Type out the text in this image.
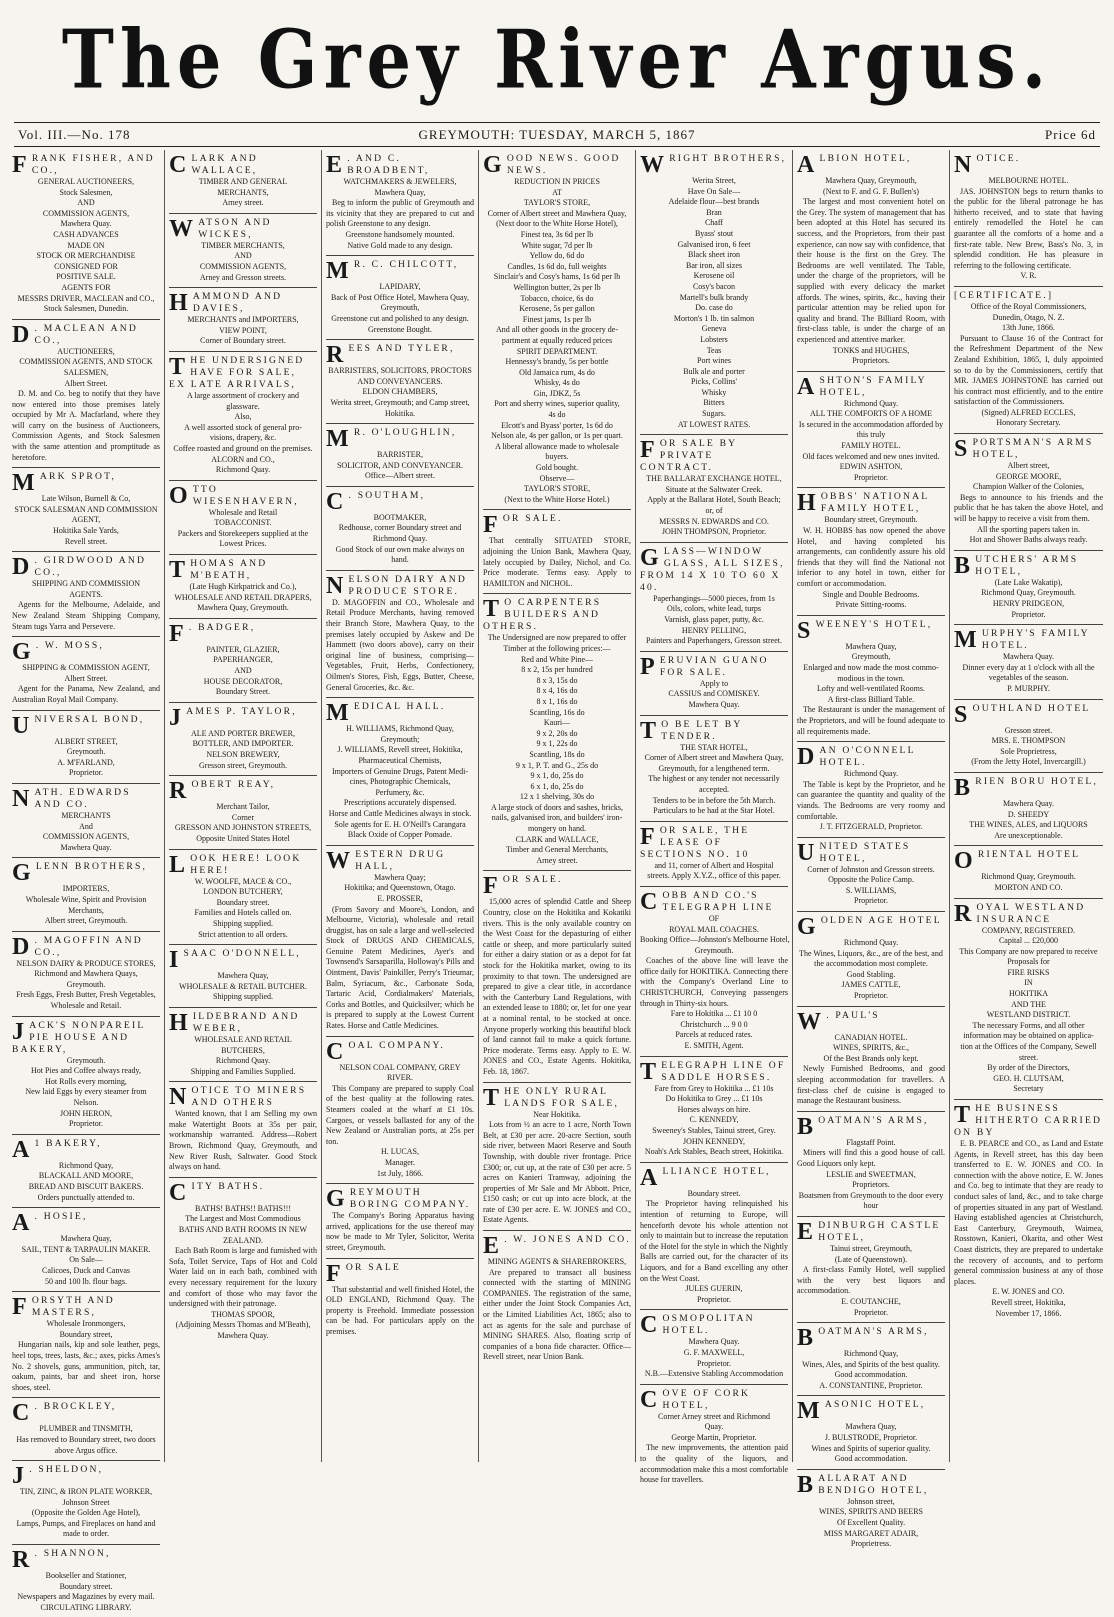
The Grey River Argus.
Vol. III.—No. 178	GREYMOUTH: TUESDAY, MARCH 5, 1867	Price 6d
FRANK FISHER, AND CO.,
GENERAL AUCTIONEERS,
Stock Salesmen,
AND
COMMISSION AGENTS,
Mawhera Quay.
CASH ADVANCES
MADE ON
STOCK OR MERCHANDISE
CONSIGNED FOR
POSITIVE SALE.
AGENTS FOR
MESSRS DRIVER, MACLEAN and CO.,
Stock Salesmen, Dunedin.
D . MACLEAN AND CO.,
AUCTIONEERS,
COMMISSION AGENTS, AND STOCK
SALESMEN,
Albert Street.
D. M. and Co. beg to notify that they have now entered into those premises lately occupied by Mr A. Macfarland, where they will carry on the business of Auctioneers, Commission Agents, and Stock Salesmen with the same attention and promptitude as heretofore.
MARK SPROT,
Late Wilson, Burnell & Co,
STOCK SALESMAN AND COMMISSION
AGENT,
Hokitika Sale Yards,
Revell street.
D . GIRDWOOD AND CO.,
SHIPPING AND COMMISSION
AGENTS.
Agents for the Melbourne, Adelaide, and New Zealand Steam Shipping Company, Steam tugs Yarra and Persevere.
G . W. MOSS,
SHIPPING & COMMISSION AGENT,
Albert Street.
Agent for the Panama, New Zealand, and Australian Royal Mail Company.
UNIVERSAL BOND,
ALBERT STREET,
Greymouth.
A. M'FARLAND,
Proprietor.
NATH. EDWARDS AND CO.
MERCHANTS
And
COMMISSION AGENTS,
Mawhera Quay.
GLENN BROTHERS,
IMPORTERS,
Wholesale Wine, Spirit and Provision
Merchants,
Albert street, Greymouth.
D . MAGOFFIN AND CO.,
NELSON DAIRY & PRODUCE STORES,
Richmond and Mawhera Quays,
Greymouth.
Fresh Eggs, Fresh Butter, Fresh Vegetables,
Wholesale and Retail.
JACK'S NONPAREIL PIE HOUSE AND BAKERY,
Greymouth.
Hot Pies and Coffee always ready,
Hot Rolls every morning,
New laid Eggs by every steamer from
Nelson.
JOHN HERON,
Proprietor.
A 1 BAKERY,
Richmond Quay,
BLACKALL AND MOORE,
BREAD AND BISCUIT BAKERS.
Orders punctually attended to.
A . HOSIE,
Mawhera Quay,
SAIL, TENT & TARPAULIN MAKER.
On Sale—
Calicoes, Duck and Canvas
50 and 100 lb. flour bags.
FORSYTH AND MASTERS,
Wholesale Ironmongers,
Boundary street,
Hungarian nails, kip and sole leather, pegs, heel tops, trees, lasts, &c.; axes, picks Ames's No. 2 shovels, guns, ammunition, pitch, tar, oakum, paints, bar and sheet iron, horse shoes, steel.
C . BROCKLEY,
PLUMBER and TINSMITH,
Has removed to Boundary street, two doors
above Argus office.
J . SHELDON,
TIN, ZINC, & IRON PLATE WORKER,
Johnson Street
(Opposite the Golden Age Hotel),
Lamps, Pumps, and Fireplaces on hand and
made to order.
R . SHANNON,
Bookseller and Stationer,
Boundary street.
Newspapers and Magazines by every mail.
CIRCULATING LIBRARY.
CLARK AND WALLACE,
TIMBER AND GENERAL
MERCHANTS,
Arney street.
WATSON AND WICKES,
TIMBER MERCHANTS,
AND
COMMISSION AGENTS,
Arney and Gresson streets.
HAMMOND AND DAVIES,
MERCHANTS and IMPORTERS,
VIEW POINT,
Corner of Boundary street.
THE UNDERSIGNED HAVE FOR SALE, EX LATE ARRIVALS,
A large assortment of crockery and
glassware.
Also,
A well assorted stock of general pro-
visions, drapery, &c.
Coffee roasted and ground on the premises.
ALCORN and CO.,
Richmond Quay.
OTTO WIESENHAVERN,
Wholesale and Retail
TOBACCONIST.
Packers and Storekeepers supplied at the
Lowest Prices.
THOMAS AND M'BEATH,
(Late Hugh Kirkpatrick and Co.),
WHOLESALE AND RETAIL DRAPERS,
Mawhera Quay, Greymouth.
F . BADGER,
PAINTER, GLAZIER,
PAPERHANGER,
AND
HOUSE DECORATOR,
Boundary Street.
JAMES P. TAYLOR,
ALE AND PORTER BREWER,
BOTTLER, AND IMPORTER.
NELSON BREWERY,
Gresson street, Greymouth.
ROBERT REAY,
Merchant Tailor,
Corner
GRESSON AND JOHNSTON STREETS,
Opposite United States Hotel
LOOK HERE! LOOK HERE!
W. WOOLFE, MACE & CO.,
LONDON BUTCHERY,
Boundary street.
Families and Hotels called on.
Shipping supplied.
Strict attention to all orders.
ISAAC O'DONNELL,
Mawhera Quay,
WHOLESALE & RETAIL BUTCHER.
Shipping supplied.
HILDEBRAND AND WEBER,
WHOLESALE AND RETAIL
BUTCHERS,
Richmond Quay.
Shipping and Families Supplied.
NOTICE TO MINERS AND OTHERS
Wanted known, that I am Selling my own make Watertight Boots at 35s per pair, workmanship warranted. Address—Robert Brown, Richmond Quay, Greymouth, and New River Rush, Saltwater. Good Stock always on hand.
CITY BATHS.
BATHS! BATHS!! BATHS!!!
The Largest and Most Commodious
BATHS AND BATH ROOMS IN NEW
ZEALAND.
Each Bath Room is large and furnished with Sofa, Toilet Service, Taps of Hot and Cold Water laid on in each bath, combined with every necessary requirement for the luxury and comfort of those who may favor the undersigned with their patronage.
THOMAS SPOOR,
(Adjoining Messrs Thomas and M'Beath),
Mawhera Quay.
E . AND C. BROADBENT,
WATCHMAKERS & JEWELERS,
Mawhera Quay,
Beg to inform the public of Greymouth and its vicinity that they are prepared to cut and polish Greenstone to any design.
Greenstone handsomely mounted.
Native Gold made to any design.
M R. C. CHILCOTT,
LAPIDARY,
Back of Post Office Hotel, Mawhera Quay,
Greymouth,
Greenstone cut and polished to any design.
Greenstone Bought.
REES AND TYLER,
BARRISTERS, SOLICITORS, PROCTORS
AND CONVEYANCERS.
ELDON CHAMBERS,
Werita street, Greymouth; and Camp street,
Hokitika.
M R. O'LOUGHLIN,
BARRISTER,
SOLICITOR, AND CONVEYANCER.
Office—Albert street.
C . SOUTHAM,
BOOTMAKER,
Redhouse, corner Boundary street and
Richmond Quay.
Good Stock of our own make always on
hand.
NELSON DAIRY AND PRODUCE STORE.
D. MAGOFFIN and CO., Wholesale and Retail Produce Merchants, having removed their Branch Store, Mawhera Quay, to the premises lately occupied by Askew and De Hammett (two doors above), carry on their original line of business, comprising—Vegetables, Fruit, Herbs, Confectionery, Oilmen's Stores, Fish, Eggs, Butter, Cheese, General Groceries, &c. &c.
MEDICAL HALL.
H. WILLIAMS, Richmond Quay,
Greymouth;
J. WILLIAMS, Revell street, Hokitika,
Pharmaceutical Chemists,
Importers of Genuine Drugs, Patent Medi-
cines, Photographic Chemicals,
Perfumery, &c.
Prescriptions accurately dispensed.
Horse and Cattle Medicines always in stock.
Sole agents for E. H. O'Neill's Carangara
Black Oxide of Copper Pomade.
WESTERN DRUG HALL,
Mawhera Quay;
Hokitika; and Queenstown, Otago.
E. PROSSER,
(From Savory and Moore's, London, and Melbourne, Victoria), wholesale and retail druggist, has on sale a large and well-selected Stock of DRUGS AND CHEMICALS, Genuine Patent Medicines, Ayer's and Townsend's Sarsaparilla, Holloway's Pills and Ointment, Davis' Painkiller, Perry's Trieumar, Balm, Syriacum, &c., Carbonate Soda, Tartaric Acid, Cordialmakers' Materials, Corks and Bottles, and Quicksilver; which he is prepared to supply at the Lowest Current Rates. Horse and Cattle Medicines.
COAL COMPANY.
NELSON COAL COMPANY, GREY
RIVER.
This Company are prepared to supply Coal of the best quality at the following rates. Steamers coaled at the wharf at £1 10s. Cargoes, or vessels ballasted for any of the New Zealand or Australian ports, at 25s per ton.
H. LUCAS,
Manager.
1st July, 1866.
GREYMOUTH BORING COMPANY.
The Company's Boring Apparatus having arrived, applications for the use thereof may now be made to Mr Tyler, Solicitor, Werita street, Greymouth.
FOR SALE
That substantial and well finished Hotel, the OLD ENGLAND, Richmond Quay. The property is Freehold. Immediate possession can be had. For particulars apply on the premises.
GOOD NEWS. GOOD NEWS.
REDUCTION IN PRICES
AT
TAYLOR'S STORE,
Corner of Albert street and Mawhera Quay,
(Next door to the White Horse Hotel),
Finest tea, 3s 6d per lb
White sugar, 7d per lb
Yellow do, 6d do
Candles, 1s 6d do, full weights
Sinclair's and Cosy's hams, 1s 6d per lb
Wellington butter, 2s per lb
Tobacco, choice, 6s do
Kerosene, 5s per gallon
Finest jams, 1s per lb
And all other goods in the grocery de-
partment at equally reduced prices
SPIRIT DEPARTMENT.
Hennessy's brandy, 5s per bottle
Old Jamaica rum, 4s do
Whisky, 4s do
Gin, JDKZ, 5s
Port and sherry wines, superior quality,
4s do
Elcott's and Byass' porter, 1s 6d do
Nelson ale, 4s per gallon, or 1s per quart.
A liberal allowance made to wholesale
buyers.
Gold bought.
Observe—
TAYLOR'S STORE,
(Next to the White Horse Hotel.)
FOR SALE.
That centrally SITUATED STORE, adjoining the Union Bank, Mawhera Quay, lately occupied by Dailey, Nichol, and Co. Price moderate. Terms easy. Apply to HAMILTON and NICHOL.
T O CARPENTERS BUILDERS AND OTHERS.
The Undersigned are now prepared to offer
Timber at the following prices:—
Red and White Pine—
8 x 2, 15s per hundred
8 x 3, 15s do
8 x 4, 16s do
8 x 1, 16s do
Scantling, 16s do
Kauri—
9 x 2, 20s do
9 x 1, 22s do
Scantling, 18s do
9 x 1, P. T. and G., 25s do
9 x 1, do, 25s do
6 x 1, do, 25s do
12 x 1 shelving, 30s do
A large stock of doors and sashes, bricks,
nails, galvanised iron, and builders' iron-
mongery on hand.
CLARK and WALLACE,
Timber and General Merchants,
Arney street.
FOR SALE.
15,000 acres of splendid Cattle and Sheep Country, close on the Hokitika and Kokatiki rivers. This is the only available country on the West Coast for the depasturing of either cattle or sheep, and more particularly suited for either a dairy station or as a depot for fat stock for the Hokitika market, owing to its proximity to that town. The undersigned are prepared to give a clear title, in accordance with the Canterbury Land Regulations, with an extended lease to 1880; or, let for one year at a nominal rental, to be stocked at once. Anyone properly working this beautiful block of land cannot fail to make a quick fortune. Price moderate. Terms easy. Apply to E. W. JONES and CO., Estate Agents. Hokitika, Feb. 18, 1867.
THE ONLY RURAL LANDS FOR SALE,
Near Hokitika.
Lots from ½ an acre to 1 acre, North Town Belt, at £30 per acre. 20-acre Section, south side river, between Maori Reserve and South Township, with double river frontage. Price £300; or, cut up, at the rate of £30 per acre. 5 acres on Kanieri Tramway, adjoining the properties of Mr Sale and Mr Abbott. Price, £150 cash; or cut up into acre block, at the rate of £30 per acre. E. W. JONES and CO., Estate Agents.
E . W. JONES AND CO.
MINING AGENTS & SHAREBROKERS,
Are prepared to transact all business connected with the starting of MINING COMPANIES. The registration of the same, either under the Joint Stock Companies Act, or the Limited Liabilities Act, 1865; also to act as agents for the sale and purchase of MINING SHARES. Also, floating scrip of companies of a bona fide character. Office—Revell street, near Union Bank.
WRIGHT BROTHERS,
Werita Street,
Have On Sale—
Adelaide flour—best brands
Bran
Chaff
Byass' stout
Galvanised iron, 6 feet
Black sheet iron
Bar iron, all sizes
Kerosene oil
Cosy's bacon
Martell's bulk brandy
Do. case do
Morton's 1 lb. tin salmon
Geneva
Lobsters
Teas
Port wines
Bulk ale and porter
Picks, Collins'
Whisky
Bitters
Sugars.
AT LOWEST RATES.
FOR SALE BY PRIVATE CONTRACT.
THE BALLARAT EXCHANGE HOTEL,
Situate at the Saltwater Creek.
Apply at the Ballarat Hotel, South Beach;
or, of
MESSRS N. EDWARDS and CO.
JOHN THOMPSON, Proprietor.
GLASS—WINDOW GLASS, ALL SIZES, FROM 14 X 10 TO 60 X 40.
Paperhangings—5000 pieces, from 1s
Oils, colors, white lead, turps
Varnish, glass paper, putty, &c.
HENRY PELLING,
Painters and Paperhangers, Gresson street.
PERUVIAN GUANO FOR SALE.
Apply to
CASSIUS and COMISKEY.
Mawhera Quay.
T O BE LET BY TENDER.
THE STAR HOTEL,
Corner of Albert street and Mawhera Quay,
Greymouth, for a lengthened term.
The highest or any tender not necessarily
accepted.
Tenders to be in before the 5th March.
Particulars to be had at the Star Hotel.
FOR SALE, THE LEASE OF SECTIONS NO. 10
and 11, corner of Albert and Hospital
streets. Apply X.Y.Z., office of this paper.
COBB AND CO.'S TELEGRAPH LINE
OF
ROYAL MAIL COACHES.
Booking Office—Johnston's Melbourne Hotel,
Greymouth.
Coaches of the above line will leave the office daily for HOKITIKA. Connecting there with the Company's Overland Line to CHRISTCHURCH, Conveying passengers through in Thirty-six hours.
Fare to Hokitika ... £1 10 0
Christchurch ... 9 0 0
Parcels at reduced rates.
E. SMITH, Agent.
TELEGRAPH LINE OF SADDLE HORSES.
Fare from Grey to Hokitika ... £1 10s
Do Hokitika to Grey ... £1 10s
Horses always on hire.
C. KENNEDY,
Sweeney's Stables, Tainui street, Grey.
JOHN KENNEDY,
Noah's Ark Stables, Beach street, Hokitika.
ALLIANCE HOTEL,
Boundary street.
The Proprietor having relinquished his intention of returning to Europe, will henceforth devote his whole attention not only to maintain but to increase the reputation of the Hotel for the style in which the Nightly Balls are carried out, for the character of its Liquors, and for a Band excelling any other on the West Coast.
JULES GUERIN,
Proprietor.
COSMOPOLITAN HOTEL.
Mawhera Quay.
G. F. MAXWELL,
Proprietor.
N.B.—Extensive Stabling Accommodation
COVE OF CORK HOTEL,
Corner Arney street and Richmond
Quay.
George Martin, Proprietor.
The new improvements, the attention paid to the quality of the liquors, and accommodation make this a most comfortable house for travellers.
ALBION HOTEL,
Mawhera Quay, Greymouth,
(Next to F. and G. F. Bullen's)
The largest and most convenient hotel on the Grey. The system of management that has been adopted at this Hotel has secured its success, and the Proprietors, from their past experience, can now say with confidence, that their house is the first on the Grey. The Bedrooms are well ventilated. The Table, under the charge of the proprietors, will be supplied with every delicacy the market affords. The wines, spirits, &c., having their particular attention may be relied upon for quality and brand. The Billiard Room, with first-class table, is under the charge of an experienced and attentive marker.
TONKS and HUGHES,
Proprietors.
ASHTON'S FAMILY HOTEL,
Richmond Quay.
ALL THE COMFORTS OF A HOME
Is secured in the accommodation afforded by
this truly
FAMILY HOTEL.
Old faces welcomed and new ones invited.
EDWIN ASHTON,
Proprietor.
HOBBS' NATIONAL FAMILY HOTEL,
Boundary street, Greymouth.
W. H. HOBBS has now opened the above Hotel, and having completed his arrangements, can confidently assure his old friends that they will find the National not inferior to any hotel in town, either for comfort or accommodation.
Single and Double Bedrooms.
Private Sitting-rooms.
SWEENEY'S HOTEL,
Mawhera Quay,
Greymouth,
Enlarged and now made the most commo-
modious in the town.
Lofty and well-ventilated Rooms.
A first-class Billiard Table.
The Restaurant is under the management of the Proprietors, and will be found adequate to all requirements made.
DAN O'CONNELL HOTEL.
Richmond Quay.
The Table is kept by the Proprietor, and he can guarantee the quantity and quality of the viands. The Bedrooms are very roomy and comfortable.
J. T. FITZGERALD, Proprietor.
UNITED STATES HOTEL,
Corner of Johnston and Gresson streets.
Opposite the Police Camp.
S. WILLIAMS,
Proprietor.
GOLDEN AGE HOTEL
Richmond Quay.
The Wines, Liquors, &c., are of the best, and
the accommodation most complete.
Good Stabling.
JAMES CATTLE,
Proprietor.
W . PAUL'S
CANADIAN HOTEL.
WINES, SPIRITS, &c.,
Of the Best Brands only kept.
Newly Furnished Bedrooms, and good sleeping accommodation for travellers. A first-class chef de cuisine is engaged to manage the Restaurant business.
BOATMAN'S ARMS,
Flagstaff Point.
Miners will find this a good house of call. Good Liquors only kept.
LESLIE and SWEETMAN,
Proprietors.
Boatsmen from Greymouth to the door every
hour
EDINBURGH CASTLE HOTEL,
Tainui street, Greymouth,
(Late of Queenstown).
A first-class Family Hotel, well supplied with the very best liquors and accommodation.
E. COUTANCHE,
Proprietor.
BOATMAN'S ARMS,
Richmond Quay,
Wines, Ales, and Spirits of the best quality.
Good accommodation.
A. CONSTANTINE, Proprietor.
MASONIC HOTEL,
Mawhera Quay,
J. BULSTRODE, Proprietor.
Wines and Spirits of superior quality.
Good accommodation.
BALLARAT AND BENDIGO HOTEL,
Johnson street,
WINES, SPIRITS AND BEERS
Of Excellent Quality.
MISS MARGARET ADAIR,
Proprietress.
NOTICE.
MELBOURNE HOTEL.
JAS. JOHNSTON begs to return thanks to the public for the liberal patronage he has hitherto received, and to state that having entirely remodelled the Hotel he can guarantee all the comforts of a home and a first-rate table. New Brew, Bass's No. 3, in splendid condition. He has pleasure in referring to the following certificate.
V. R.
[CERTIFICATE.]
Office of the Royal Commissioners,
Dunedin, Otago, N. Z.
13th June, 1866.
Pursuant to Clause 16 of the Contract for the Refreshment Department of the New Zealand Exhibition, 1865, I, duly appointed so to do by the Commissioners, certify that MR. JAMES JOHNSTONE has carried out his contract most efficiently, and to the entire satisfaction of the Commissioners.
(Signed) ALFRED ECCLES,
Honorary Secretary.
SPORTSMAN'S ARMS HOTEL,
Albert street,
GEORGE MOORE,
Champion Walker of the Colonies,
Begs to announce to his friends and the public that he has taken the above Hotel, and will be happy to receive a visit from them.
All the sporting papers taken in.
Hot and Shower Baths always ready.
BUTCHERS' ARMS HOTEL,
(Late Lake Wakatip),
Richmond Quay, Greymouth.
HENRY PRIDGEON,
Proprietor.
MURPHY'S FAMILY HOTEL.
Mawhera Quay.
Dinner every day at 1 o'clock with all the
vegetables of the season.
P. MURPHY.
SOUTHLAND HOTEL
Gresson street.
MRS. E. THOMPSON
Sole Proprietress,
(From the Jetty Hotel, Invercargill.)
BRIEN BORU HOTEL,
Mawhera Quay.
D. SHEEDY
THE WINES, ALES, and LIQUORS
Are unexceptionable.
ORIENTAL HOTEL
Richmond Quay, Greymouth.
MORTON AND CO.
ROYAL WESTLAND INSURANCE
COMPANY, REGISTERED.
Capital ... £20,000
This Company are now prepared to receive
Proposals for
FIRE RISKS
IN
HOKITIKA
AND THE
WESTLAND DISTRICT.
The necessary Forms, and all other
information may be obtained on applica-
tion at the Offices of the Company, Sewell
street.
By order of the Directors,
GEO. H. CLUTSAM,
Secretary
THE BUSINESS HITHERTO CARRIED ON BY
E. B. PEARCE and CO., as Land and Estate Agents, in Revell street, has this day been transferred to E. W. JONES and CO. In connection with the above notice, E. W. Jones and Co. beg to intimate that they are ready to conduct sales of land, &c., and to take charge of properties situated in any part of Westland. Having established agencies at Christchurch, East Canterbury, Greymouth, Waimea, Rosstown, Kanieri, Okarita, and other West Coast districts, they are prepared to undertake the recovery of accounts, and to perform general commission business at any of those places.
E. W. JONES and CO.
Revell street, Hokitika,
November 17, 1866.
